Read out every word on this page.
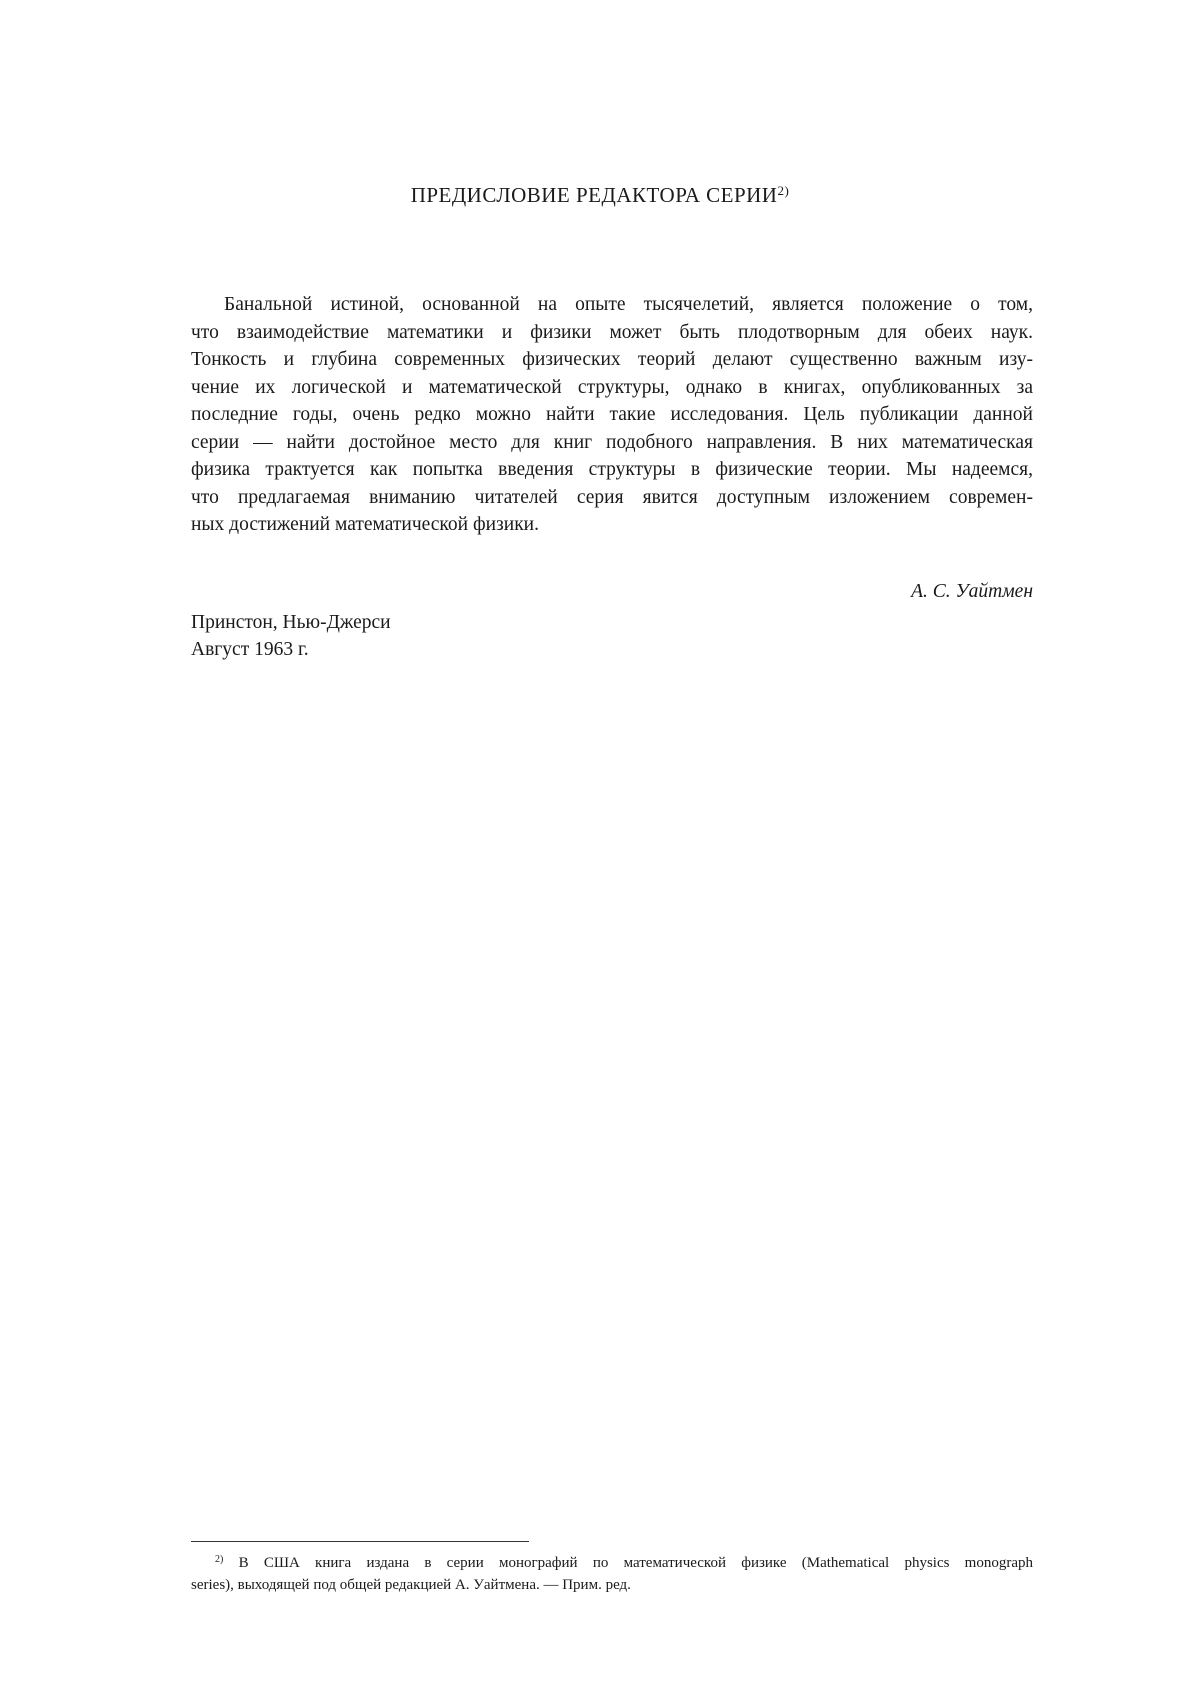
ПРЕДИСЛОВИЕ РЕДАКТОРА СЕРИИ$^{2)}$
Банальной истиной, основанной на опыте тысячелетий, является положение о том,
что взаимодействие математики и физики может быть плодотворным для обеих наук.
Тонкость и глубина современных физических теорий делают существенно важным изу-
чение их логической и математической структуры, однако в книгах, опубликованных за
последние годы, очень редко можно найти такие исследования. Цель публикации данной
серии — найти достойное место для книг подобного направления. В них математическая
физика трактуется как попытка введения структуры в физические теории. Мы надеемся,
что предлагаемая вниманию читателей серия явится доступным изложением современ-
ных достижений математической физики.
А. С. Уайтмен
Принстон, Нью-Джерси
Август 1963 г.
$^{2)}$ В США книга издана в серии монографий по математической физике (Mathematical physics monograph
series), выходящей под общей редакцией А. Уайтмена. — Прим. ред.
